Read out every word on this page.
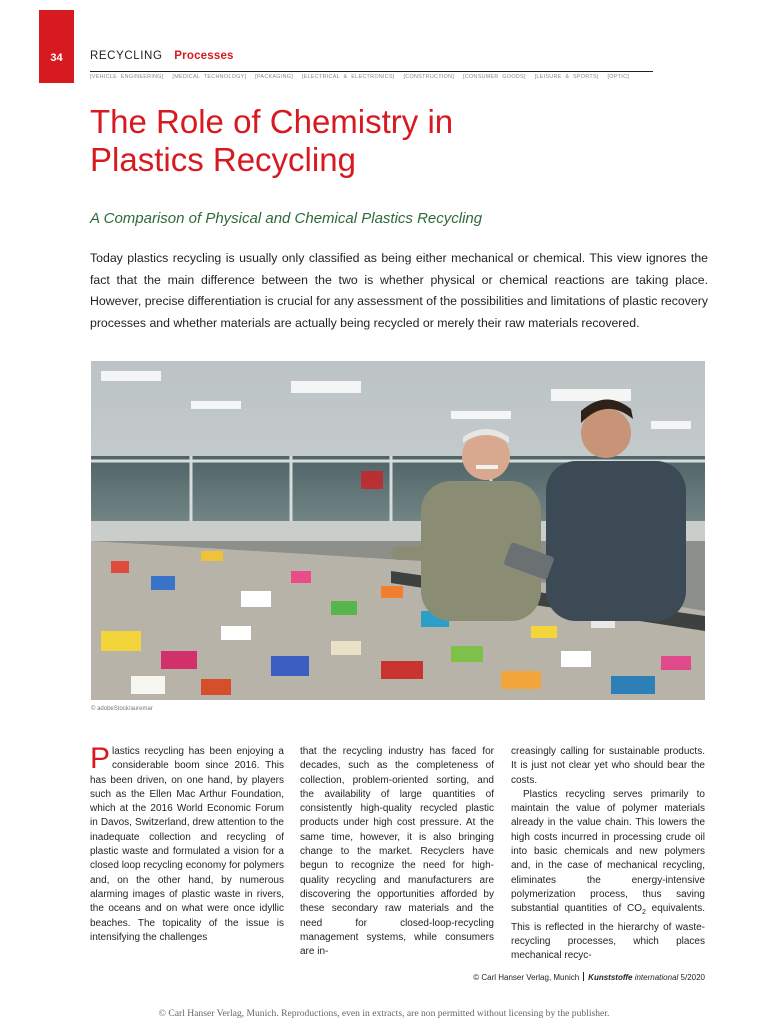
34	RECYCLING Processes
[VEHICLE ENGINEERING] [MEDICAL TECHNOLOGY] [PACKAGING] [ELECTRICAL & ELECTRONICS] [CONSTRUCTION] [CONSUMER GOODS] [LEISURE & SPORTS] [OPTIC]
The Role of Chemistry in
Plastics Recycling
A Comparison of Physical and Chemical Plastics Recycling

Today plastics recycling is usually only classified as being either mechanical or chemical. This view ignores the fact that the main difference between the two is whether physical or chemical reactions are taking place. However, precise differentiation is crucial for any assessment of the possibilities and limitations of plastic recovery processes and whether materials are actually being recycled or merely their raw materials recovered.

© adobeStock/auremar

Plastics recycling has been enjoying a considerable boom since 2016. This has been driven, on one hand, by players such as the Ellen Mac Arthur Foundation, which at the 2016 World Economic Forum in Davos, Switzerland, drew attention to the inadequate collection and recycling of plastic waste and formulated a vision for a closed loop recycling economy for polymers and, on the other hand, by numerous alarming images of plastic waste in rivers, the oceans and on what were once idyllic beaches. The topicality of the issue is intensifying the challenges

that the recycling industry has faced for decades, such as the completeness of collection, problem-oriented sorting, and the availability of large quantities of consistently high-quality recycled plastic products under high cost pressure. At the same time, however, it is also bringing change to the market. Recyclers have begun to recognize the need for high-quality recycling and manufacturers are discovering the opportunities afforded by these secondary raw materials and the need for closed-loop-recycling management systems, while consumers are in-

creasingly calling for sustainable products. It is just not clear yet who should bear the costs.

Plastics recycling serves primarily to maintain the value of polymer materials already in the value chain. This lowers the high costs incurred in processing crude oil into basic chemicals and new polymers and, in the case of mechanical recycling, eliminates the energy-intensive polymerization process, thus saving substantial quantities of $CO_2$ equivalents. This is reflected in the hierarchy of waste-recycling processes, which places mechanical recyc-

© Carl Hanser Verlag, Munich Kunststoffe international 5/2020
© Carl Hanser Verlag, Munich. Reproductions, even in extracts, are non permitted without licensing by the publisher.
